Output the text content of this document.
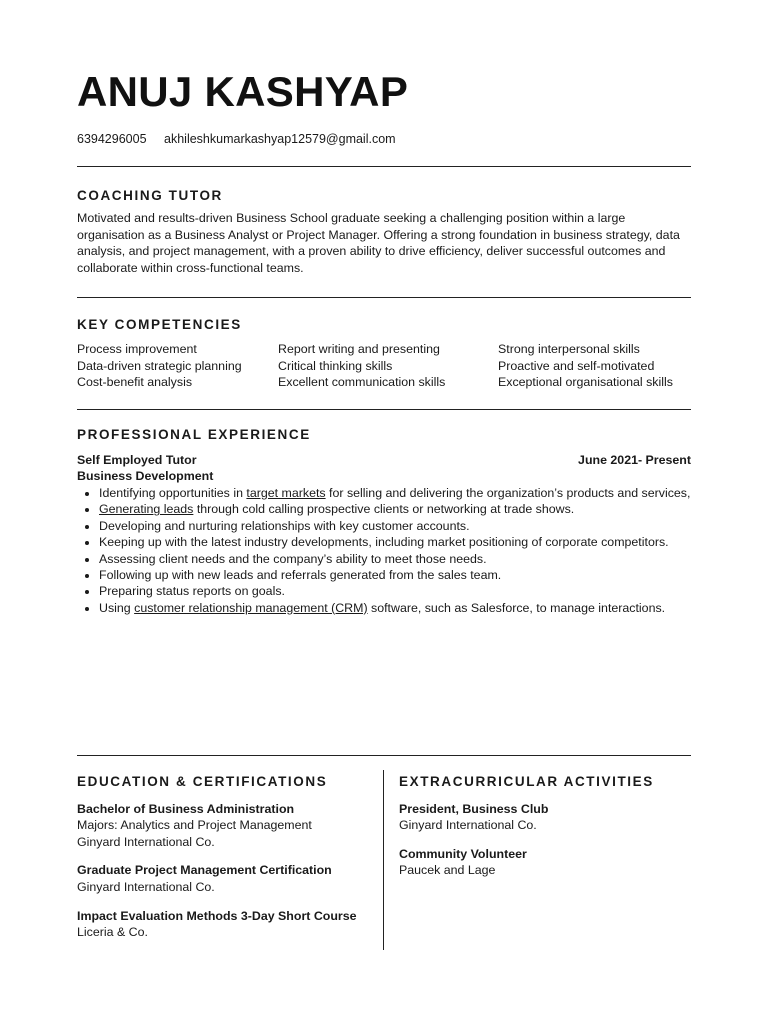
ANUJ KASHYAP
6394296005 akhileshkumarkashyap12579@gmail.com
COACHING TUTOR

Motivated and results-driven Business School graduate seeking a challenging position within a large organisation as a Business Analyst or Project Manager. Offering a strong foundation in business strategy, data analysis, and project management, with a proven ability to drive efficiency, deliver successful outcomes and collaborate within cross-functional teams.

KEY COMPETENCIES
Process improvement
Data-driven strategic planning
Cost-benefit analysis
Report writing and presenting
Critical thinking skills
Excellent communication skills
Strong interpersonal skills
Proactive and self-motivated
Exceptional organisational skills
PROFESSIONAL EXPERIENCE
Self Employed Tutor	June 2021- Present
Business Development
• Identifying opportunities in target markets for selling and delivering the organization’s products and services,
• Generating leads through cold calling prospective clients or networking at trade shows.
• Developing and nurturing relationships with key customer accounts.
• Keeping up with the latest industry developments, including market positioning of corporate competitors.
• Assessing client needs and the company’s ability to meet those needs.
• Following up with new leads and referrals generated from the sales team.
• Preparing status reports on goals.
• Using customer relationship management (CRM) software, such as Salesforce, to manage interactions.
EDUCATION & CERTIFICATIONS
Bachelor of Business Administration
Majors: Analytics and Project Management
Ginyard International Co.
Graduate Project Management Certification
Ginyard International Co.
Impact Evaluation Methods 3-Day Short Course
Liceria & Co.
EXTRACURRICULAR ACTIVITIES
President, Business Club
Ginyard International Co.
Community Volunteer
Paucek and Lage
